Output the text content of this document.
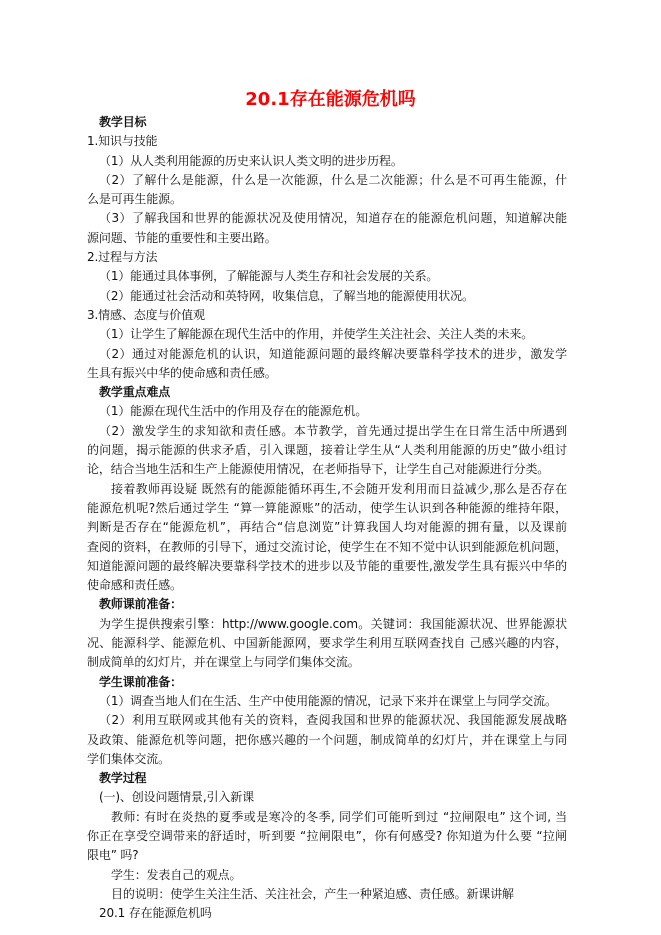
20.1存在能源危机吗
教学目标
1.知识与技能
（1）从人类利用能源的历史来认识人类文明的进步历程。
（2）了解什么是能源，什么是一次能源，什么是二次能源；什么是不可再生能源，什
么是可再生能源。
（3）了解我国和世界的能源状况及使用情况，知道存在的能源危机问题，知道解决能
源问题、节能的重要性和主要出路。
2.过程与方法
（1）能通过具体事例，了解能源与人类生存和社会发展的关系。
（2）能通过社会活动和英特网，收集信息，了解当地的能源使用状况。
3.情感、态度与价值观
（1）让学生了解能源在现代生活中的作用，并使学生关注社会、关注人类的未来。
（2）通过对能源危机的认识，知道能源问题的最终解决要靠科学技术的进步，激发学
生具有振兴中华的使命感和责任感。
教学重点难点
（1）能源在现代生活中的作用及存在的能源危机。
（2）激发学生的求知欲和责任感。本节教学，首先通过提出学生在日常生活中所遇到
的问题，揭示能源的供求矛盾，引入课题，接着让学生从“人类利用能源的历史”做小组讨
论，结合当地生活和生产上能源使用情况，在老师指导下，让学生自己对能源进行分类。
接着教师再设疑 既然有的能源能循环再生,不会随开发利用而日益减少,那么是否存在
能源危机呢?然后通过学生 “算一算能源账”的活动，使学生认识到各种能源的维持年限，
判断是否存在“能源危机”，再结合“信息浏览”计算我国人均对能源的拥有量，以及课前
查阅的资料，在教师的引导下，通过交流讨论，使学生在不知不觉中认识到能源危机问题，
知道能源问题的最终解决要靠科学技术的进步以及节能的重要性,激发学生具有振兴中华的
使命感和责任感。
教师课前准备：
为学生提供搜索引擎：http://www.google.com。关键词：我国能源状况、世界能源状
况、能源科学、能源危机、中国新能源网，要求学生利用互联网查找自 己感兴趣的内容，
制成简单的幻灯片，并在课堂上与同学们集体交流。
学生课前准备：
（1）调查当地人们在生活、生产中使用能源的情况，记录下来并在课堂上与同学交流。
（2）利用互联网或其他有关的资料，查阅我国和世界的能源状况、我国能源发展战略
及政策、能源危机等问题，把你感兴趣的一个问题，制成简单的幻灯片，并在课堂上与同
学们集体交流。
教学过程
(一)、创设问题情景,引入新课
教师: 有时在炎热的夏季或是寒冷的冬季, 同学们可能听到过 “拉闸限电” 这个词, 当
你正在享受空调带来的舒适时，听到要 “拉闸限电”，你有何感受? 你知道为什么要 “拉闸
限电” 吗?
学生：发表自己的观点。
目的说明：使学生关注生活、关注社会，产生一种紧迫感、责任感。新课讲解
20.1 存在能源危机吗
